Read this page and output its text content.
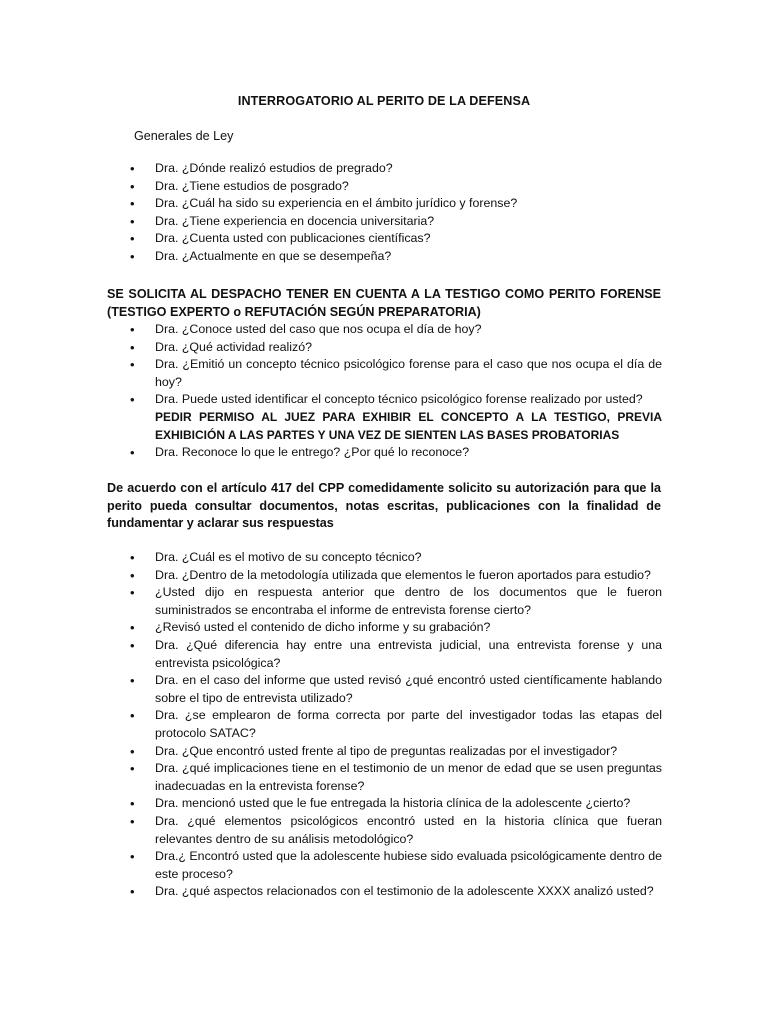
INTERROGATORIO AL PERITO DE LA DEFENSA
Generales de Ley
• Dra. ¿Dónde realizó estudios de pregrado?
• Dra. ¿Tiene estudios de posgrado?
• Dra. ¿Cuál ha sido su experiencia en el ámbito jurídico y forense?
• Dra. ¿Tiene experiencia en docencia universitaria?
• Dra. ¿Cuenta usted con publicaciones científicas?
• Dra. ¿Actualmente en que se desempeña?
SE SOLICITA AL DESPACHO TENER EN CUENTA A LA TESTIGO COMO PERITO FORENSE (TESTIGO EXPERTO o REFUTACIÓN SEGÚN PREPARATORIA)
• Dra. ¿Conoce usted del caso que nos ocupa el día de hoy?
• Dra. ¿Qué actividad realizó?
• Dra. ¿Emitió un concepto técnico psicológico forense para el caso que nos ocupa el día de hoy?
• Dra. Puede usted identificar el concepto técnico psicológico forense realizado por usted?
PEDIR PERMISO AL JUEZ PARA EXHIBIR EL CONCEPTO A LA TESTIGO, PREVIA EXHIBICIÓN A LAS PARTES Y UNA VEZ DE SIENTEN LAS BASES PROBATORIAS
• Dra. Reconoce lo que le entrego? ¿Por qué lo reconoce?
De acuerdo con el artículo 417 del CPP comedidamente solicito su autorización para que la perito pueda consultar documentos, notas escritas, publicaciones con la finalidad de fundamentar y aclarar sus respuestas
• Dra. ¿Cuál es el motivo de su concepto técnico?
• Dra. ¿Dentro de la metodología utilizada que elementos le fueron aportados para estudio?
• ¿Usted dijo en respuesta anterior que dentro de los documentos que le fueron suministrados se encontraba el informe de entrevista forense cierto?
• ¿Revisó usted el contenido de dicho informe y su grabación?
• Dra. ¿Qué diferencia hay entre una entrevista judicial, una entrevista forense y una entrevista psicológica?
• Dra. en el caso del informe que usted revisó ¿qué encontró usted científicamente hablando sobre el tipo de entrevista utilizado?
• Dra. ¿se emplearon de forma correcta por parte del investigador todas las etapas del protocolo SATAC?
• Dra. ¿Que encontró usted frente al tipo de preguntas realizadas por el investigador?
• Dra. ¿qué implicaciones tiene en el testimonio de un menor de edad que se usen preguntas inadecuadas en la entrevista forense?
• Dra. mencionó usted que le fue entregada la historia clínica de la adolescente ¿cierto?
• Dra. ¿qué elementos psicológicos encontró usted en la historia clínica que fueran relevantes dentro de su análisis metodológico?
• Dra.¿ Encontró usted que la adolescente hubiese sido evaluada psicológicamente dentro de este proceso?
• Dra. ¿qué aspectos relacionados con el testimonio de la adolescente XXXX analizó usted?
